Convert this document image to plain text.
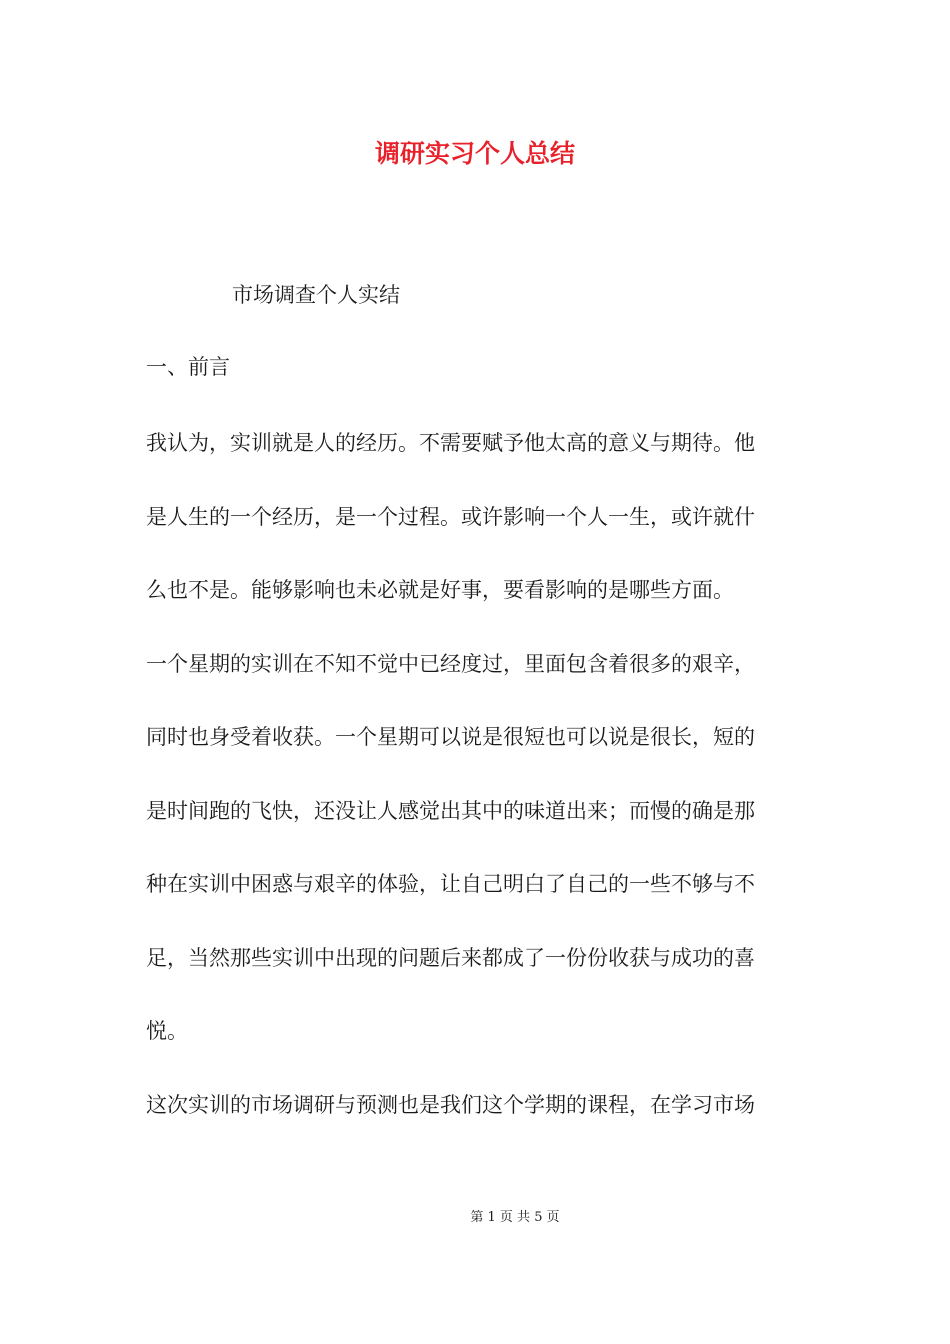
调研实习个人总结

市场调查个人实结

一、前言

我认为，实训就是人的经历。不需要赋予他太高的意义与期待。他
是人生的一个经历，是一个过程。或许影响一个人一生，或许就什
么也不是。能够影响也未必就是好事，要看影响的是哪些方面。
一个星期的实训在不知不觉中已经度过，里面包含着很多的艰辛，
同时也身受着收获。一个星期可以说是很短也可以说是很长，短的
是时间跑的飞快，还没让人感觉出其中的味道出来；而慢的确是那
种在实训中困惑与艰辛的体验，让自己明白了自己的一些不够与不
足，当然那些实训中出现的问题后来都成了一份份收获与成功的喜
悦。
这次实训的市场调研与预测也是我们这个学期的课程，在学习市场
第 1 页 共 5 页
